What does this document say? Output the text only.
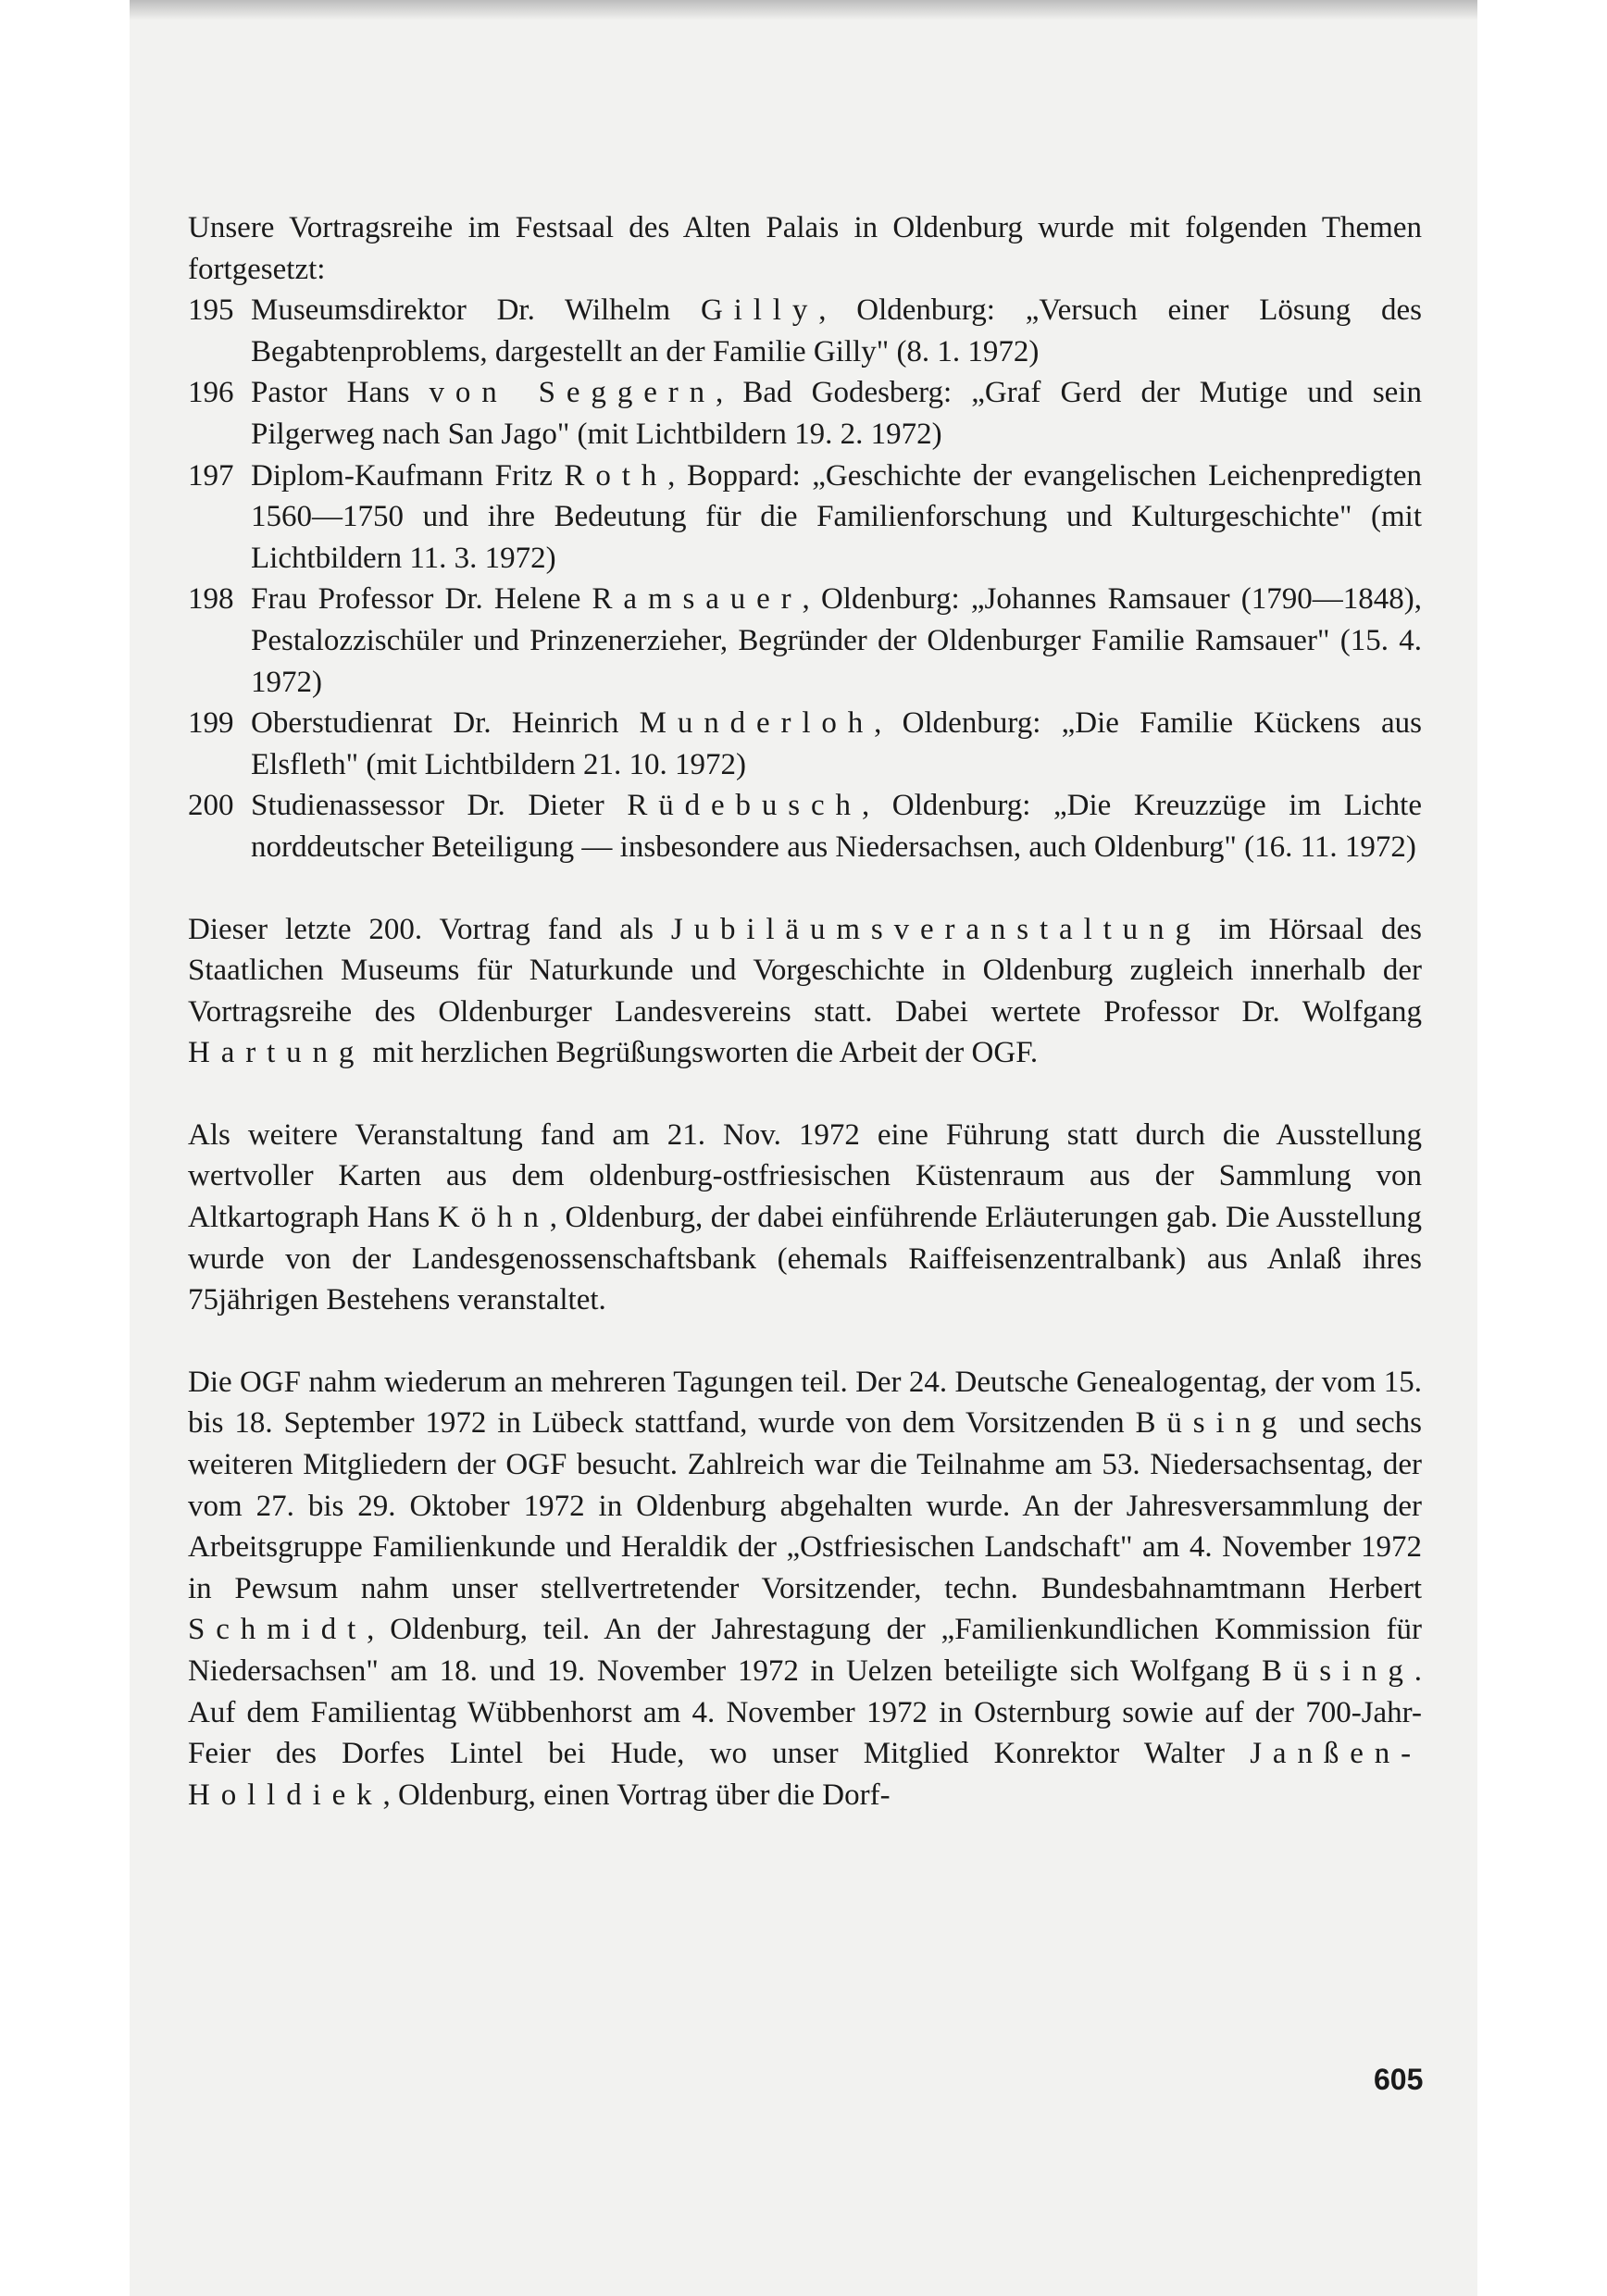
Unsere Vortragsreihe im Festsaal des Alten Palais in Oldenburg wurde mit folgenden Themen fortgesetzt:

195 Museumsdirektor Dr. Wilhelm Gilly, Oldenburg: „Versuch einer Lösung des Begabtenproblems, dargestellt an der Familie Gilly" (8. 1. 1972)
196 Pastor Hans von Seggern, Bad Godesberg: „Graf Gerd der Mutige und sein Pilgerweg nach San Jago" (mit Lichtbildern 19. 2. 1972)
197 Diplom-Kaufmann Fritz Roth, Boppard: „Geschichte der evangelischen Leichenpredigten 1560—1750 und ihre Bedeutung für die Familienforschung und Kulturgeschichte" (mit Lichtbildern 11. 3. 1972)
198 Frau Professor Dr. Helene Ramsauer, Oldenburg: „Johannes Ramsauer (1790—1848), Pestalozzischüler und Prinzenerzieher, Begründer der Oldenburger Familie Ramsauer" (15. 4. 1972)
199 Oberstudienrat Dr. Heinrich Munderloh, Oldenburg: „Die Familie Kückens aus Elsfleth" (mit Lichtbildern 21. 10. 1972)
200 Studienassessor Dr. Dieter Rüdebusch, Oldenburg: „Die Kreuzzüge im Lichte norddeutscher Beteiligung — insbesondere aus Niedersachsen, auch Oldenburg" (16. 11. 1972)

Dieser letzte 200. Vortrag fand als Jubiläumsveranstaltung im Hörsaal des Staatlichen Museums für Naturkunde und Vorgeschichte in Oldenburg zugleich innerhalb der Vortragsreihe des Oldenburger Landesvereins statt. Dabei wertete Professor Dr. Wolfgang Hartung mit herzlichen Begrüßungsworten die Arbeit der OGF.

Als weitere Veranstaltung fand am 21. Nov. 1972 eine Führung statt durch die Ausstellung wertvoller Karten aus dem oldenburg-ostfriesischen Küstenraum aus der Sammlung von Altkartograph Hans Köhn, Oldenburg, der dabei einführende Erläuterungen gab. Die Ausstellung wurde von der Landesgenossenschaftsbank (ehemals Raiffeisenzentralbank) aus Anlaß ihres 75jährigen Bestehens veranstaltet.

Die OGF nahm wiederum an mehreren Tagungen teil. Der 24. Deutsche Genealogentag, der vom 15. bis 18. September 1972 in Lübeck stattfand, wurde von dem Vorsitzenden Büsing und sechs weiteren Mitgliedern der OGF besucht. Zahlreich war die Teilnahme am 53. Niedersachsentag, der vom 27. bis 29. Oktober 1972 in Oldenburg abgehalten wurde. An der Jahresversammlung der Arbeitsgruppe Familienkunde und Heraldik der „Ostfriesischen Landschaft" am 4. November 1972 in Pewsum nahm unser stellvertretender Vorsitzender, techn. Bundesbahnamtmann Herbert Schmidt, Oldenburg, teil. An der Jahrestagung der „Familienkundlichen Kommission für Niedersachsen" am 18. und 19. November 1972 in Uelzen beteiligte sich Wolfgang Büsing. Auf dem Familientag Wübbenhorst am 4. November 1972 in Osternburg sowie auf der 700-Jahr-Feier des Dorfes Lintel bei Hude, wo unser Mitglied Konrektor Walter Janßen-Holldiek, Oldenburg, einen Vortrag über die Dorf-

605
